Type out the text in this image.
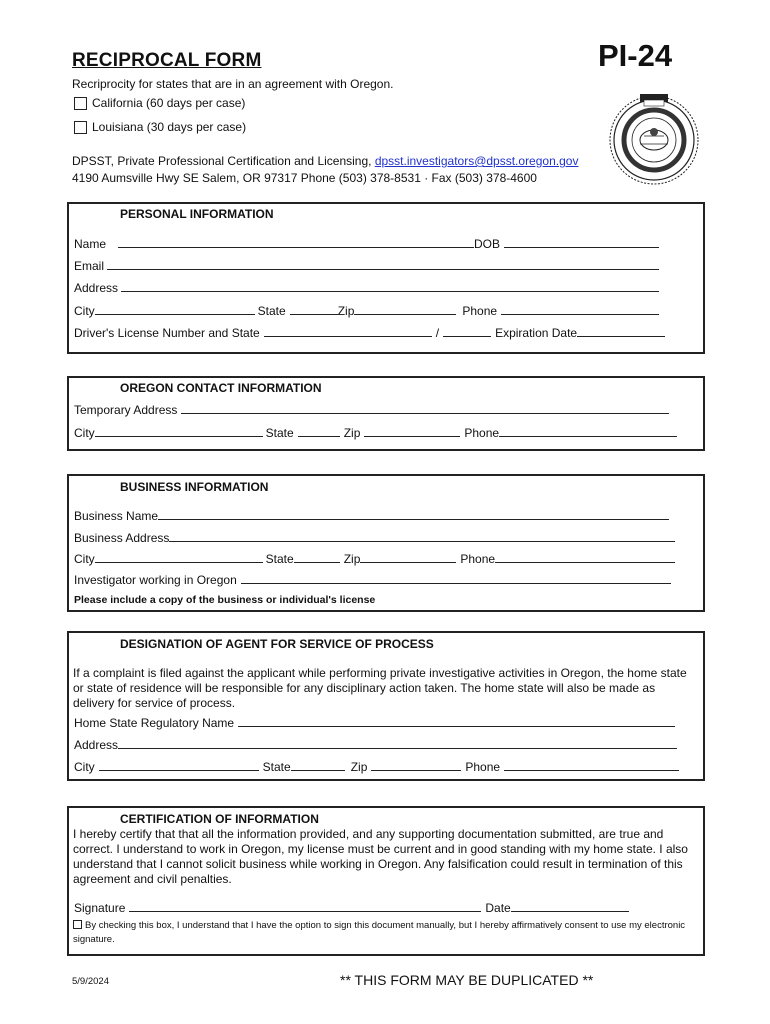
RECIPROCAL FORM	PI-24
Recriprocity for states that are in an agreement with Oregon.
California (60 days per case)
Louisiana (30 days per case)
DPSST, Private Professional Certification and Licensing, dpsst.investigators@dpsst.oregon.gov
4190 Aumsville Hwy SE Salem, OR 97317 Phone (503) 378-8531 · Fax (503) 378-4600
PERSONAL INFORMATION
Name	DOB
Email
Address
City	State	Zip	Phone
Driver's License Number and State	/	Expiration Date
OREGON CONTACT INFORMATION
Temporary Address
City	State	Zip	Phone
BUSINESS INFORMATION
Business Name
Business Address
City	State	Zip	Phone
Investigator working in Oregon
Please include a copy of the business or individual's license
DESIGNATION OF AGENT FOR SERVICE OF PROCESS
If a complaint is filed against the applicant while performing private investigative activities in Oregon, the home state or state of residence will be responsible for any disciplinary action taken. The home state will also be made as delivery for service of process.
Home State Regulatory Name
Address
City	State	Zip	Phone
CERTIFICATION OF INFORMATION
I hereby certify that that all the information provided, and any supporting documentation submitted, are true and correct. I understand to work in Oregon, my license must be current and in good standing with my home state. I also understand that I cannot solicit business while working in Oregon. Any falsification could result in termination of this agreement and civil penalties.
Signature	Date
By checking this box, I understand that I have the option to sign this document manually, but I hereby affirmatively consent to use my electronic signature.
5/9/2024	** THIS FORM MAY BE DUPLICATED **
